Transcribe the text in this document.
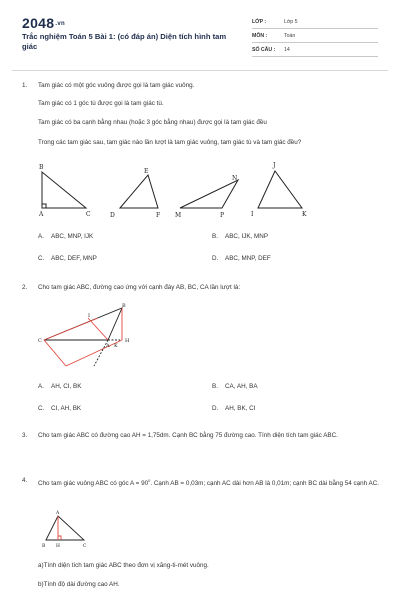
2048.vn
Trắc nghiệm Toán 5 Bài 1: (có đáp án) Diện tích hình tam giác
LỚP :	Lớp 5
MÔN :	Toán
SỐ CÂU :	14
1. Tam giác có một góc vuông được gọi là tam giác vuông.
Tam giác có 1 góc tù được gọi là tam giác tù.
Tam giác có ba cạnh bằng nhau (hoặc 3 góc bằng nhau) được gọi là tam giác đều
Trong các tam giác sau, tam giác nào lần lượt là tam giác vuông, tam giác tù và tam giác đều?
B
A	C
E
D	F
N
M	P
J
I	K
A. ABC, MNP, IJK	B. ABC, IJK, MNP
C. ABC, DEF, MNP	D. ABC, MNP, DEF
2. Cho tam giác ABC, đường cao ứng với cạnh đáy AB, BC, CA lần lượt là:
B
I
C
A
H
K
A. AH, CI, BK	B. CA, AH, BA
C. CI, AH, BK	D. AH, BK, CI
3. Cho tam giác ABC có đường cao AH = 1,75dm. Cạnh BC bằng 75 đường cao. Tính diện tích tam giác ABC.
4. Cho tam giác vuông ABC có góc $A = 90^0$. Cạnh AB = 0,03m; cạnh AC dài hơn AB là 0,01m; cạnh BC dài bằng 54 cạnh AC.
A
B H	C
a)Tính diện tích tam giác ABC theo đơn vị xăng-ti-mét vuông.
b)Tính độ dài đường cao AH.
